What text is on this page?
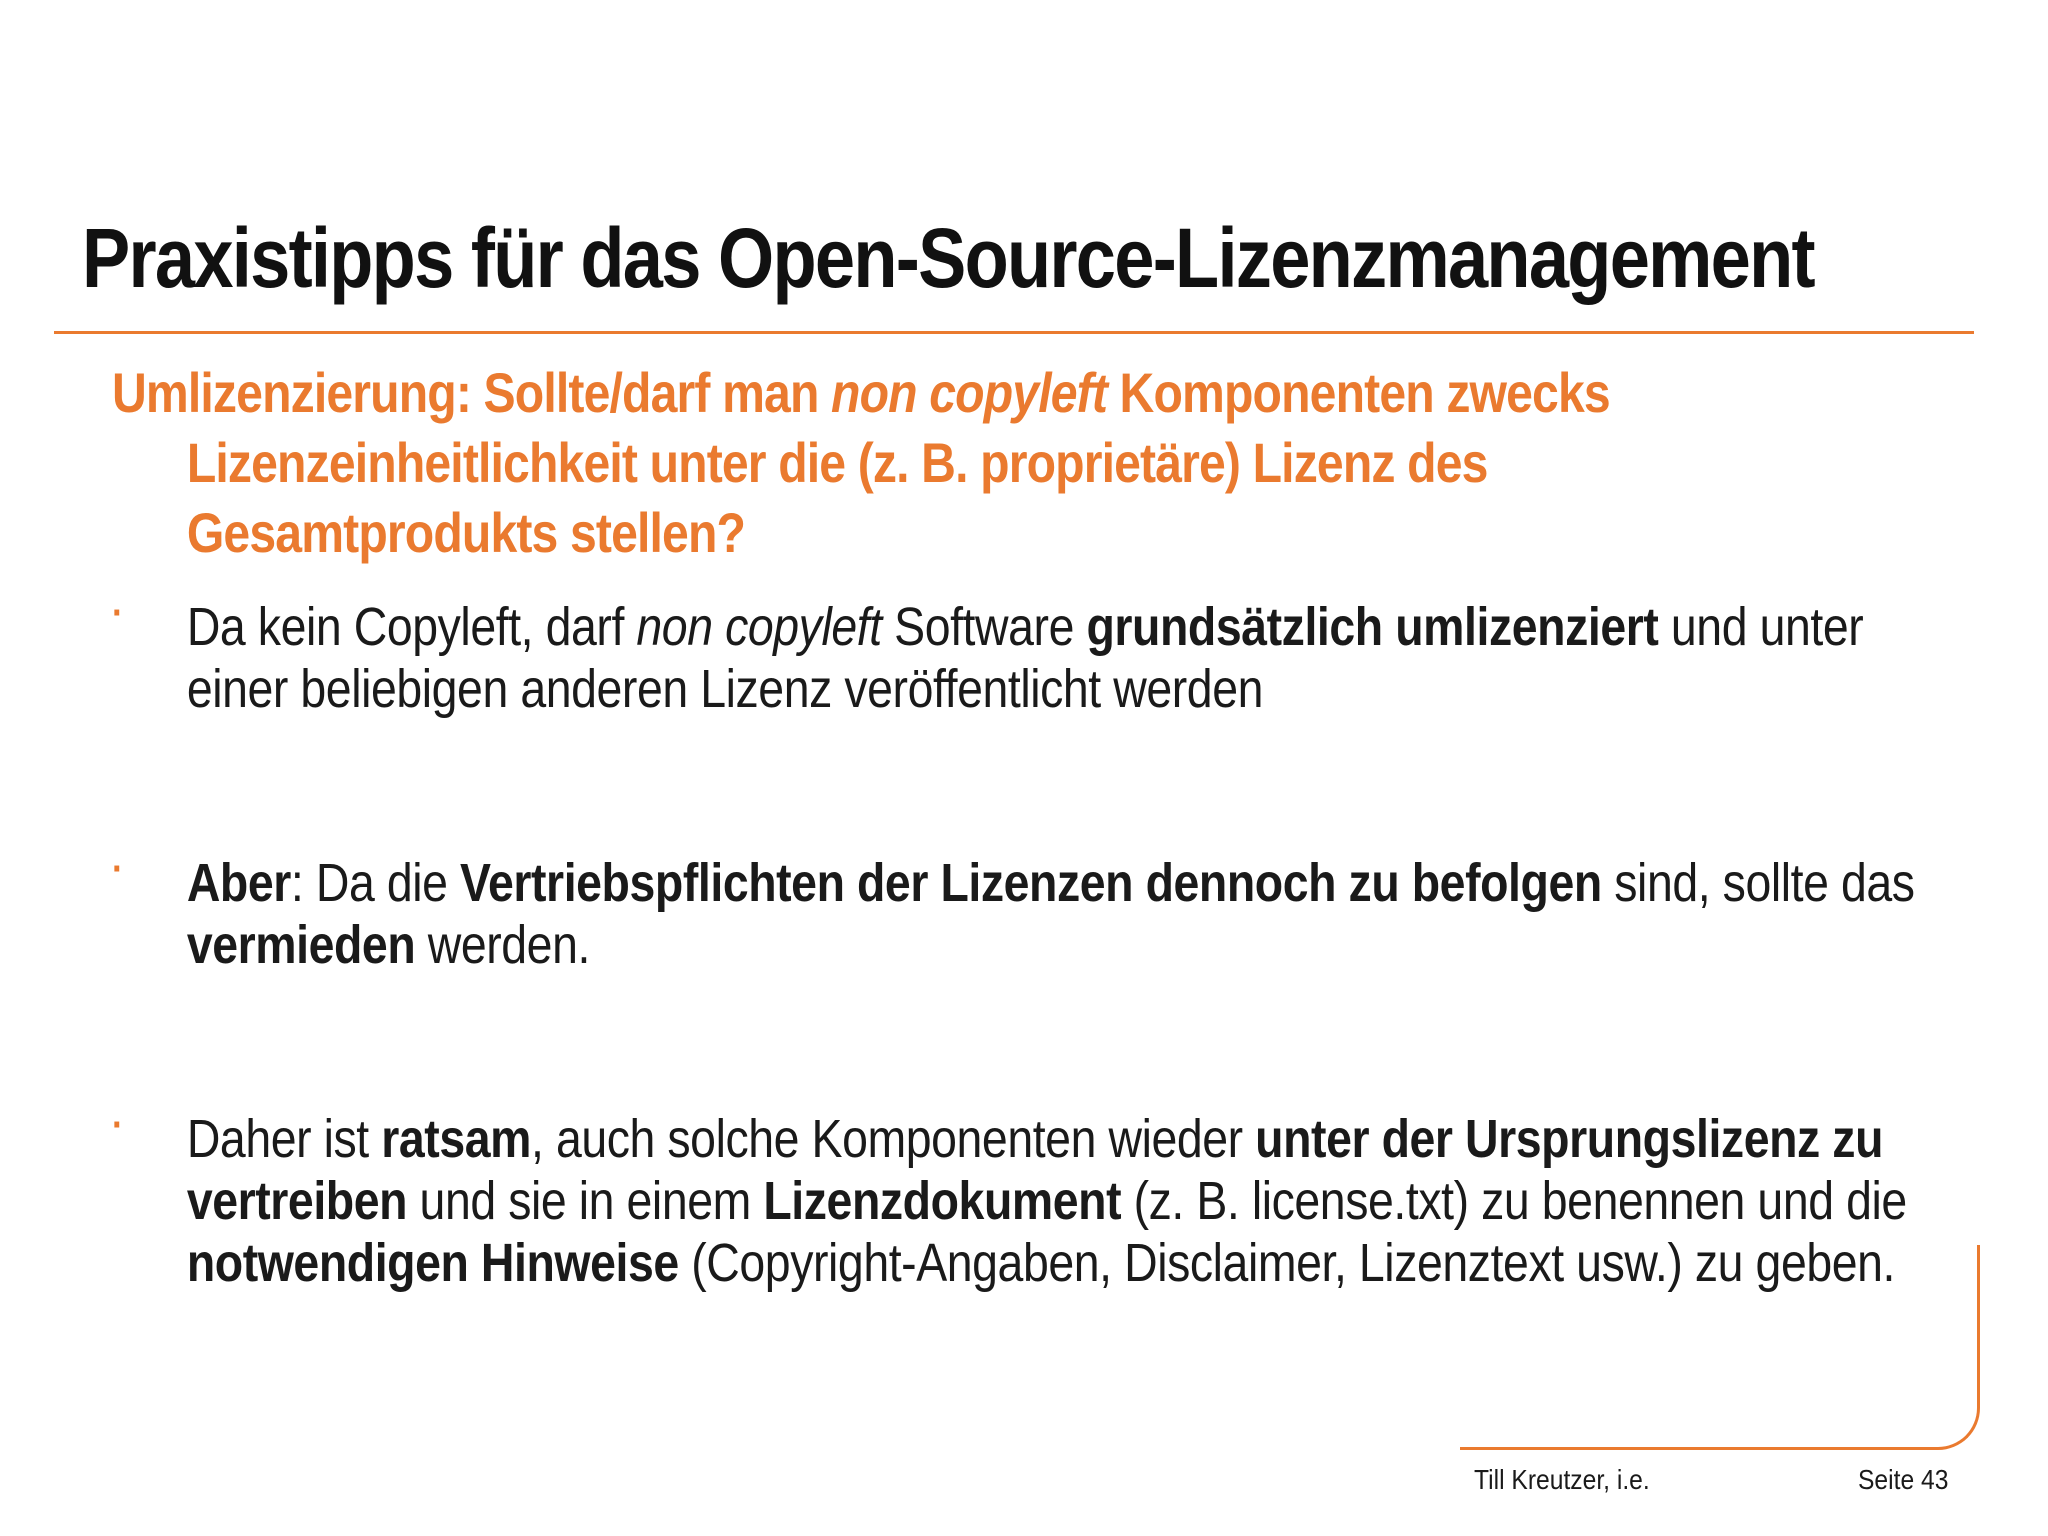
Praxistipps für das Open-Source-Lizenzmanagement
Umlizenzierung: Sollte/darf man non copyleft Komponenten zwecks
Lizenzeinheitlichkeit unter die (z. B. proprietäre) Lizenz des
Gesamtprodukts stellen?
·	Da kein Copyleft, darf non copyleft Software grundsätzlich umlizenziert und unter einer beliebigen anderen Lizenz veröffentlicht werden
·	Aber: Da die Vertriebspflichten der Lizenzen dennoch zu befolgen sind, sollte das vermieden werden.
·	Daher ist ratsam, auch solche Komponenten wieder unter der Ursprungslizenz zu vertreiben und sie in einem Lizenzdokument (z. B. license.txt) zu benennen und die notwendigen Hinweise (Copyright-Angaben, Disclaimer, Lizenztext usw.) zu geben.
Till Kreutzer, i.e.	Seite 43
